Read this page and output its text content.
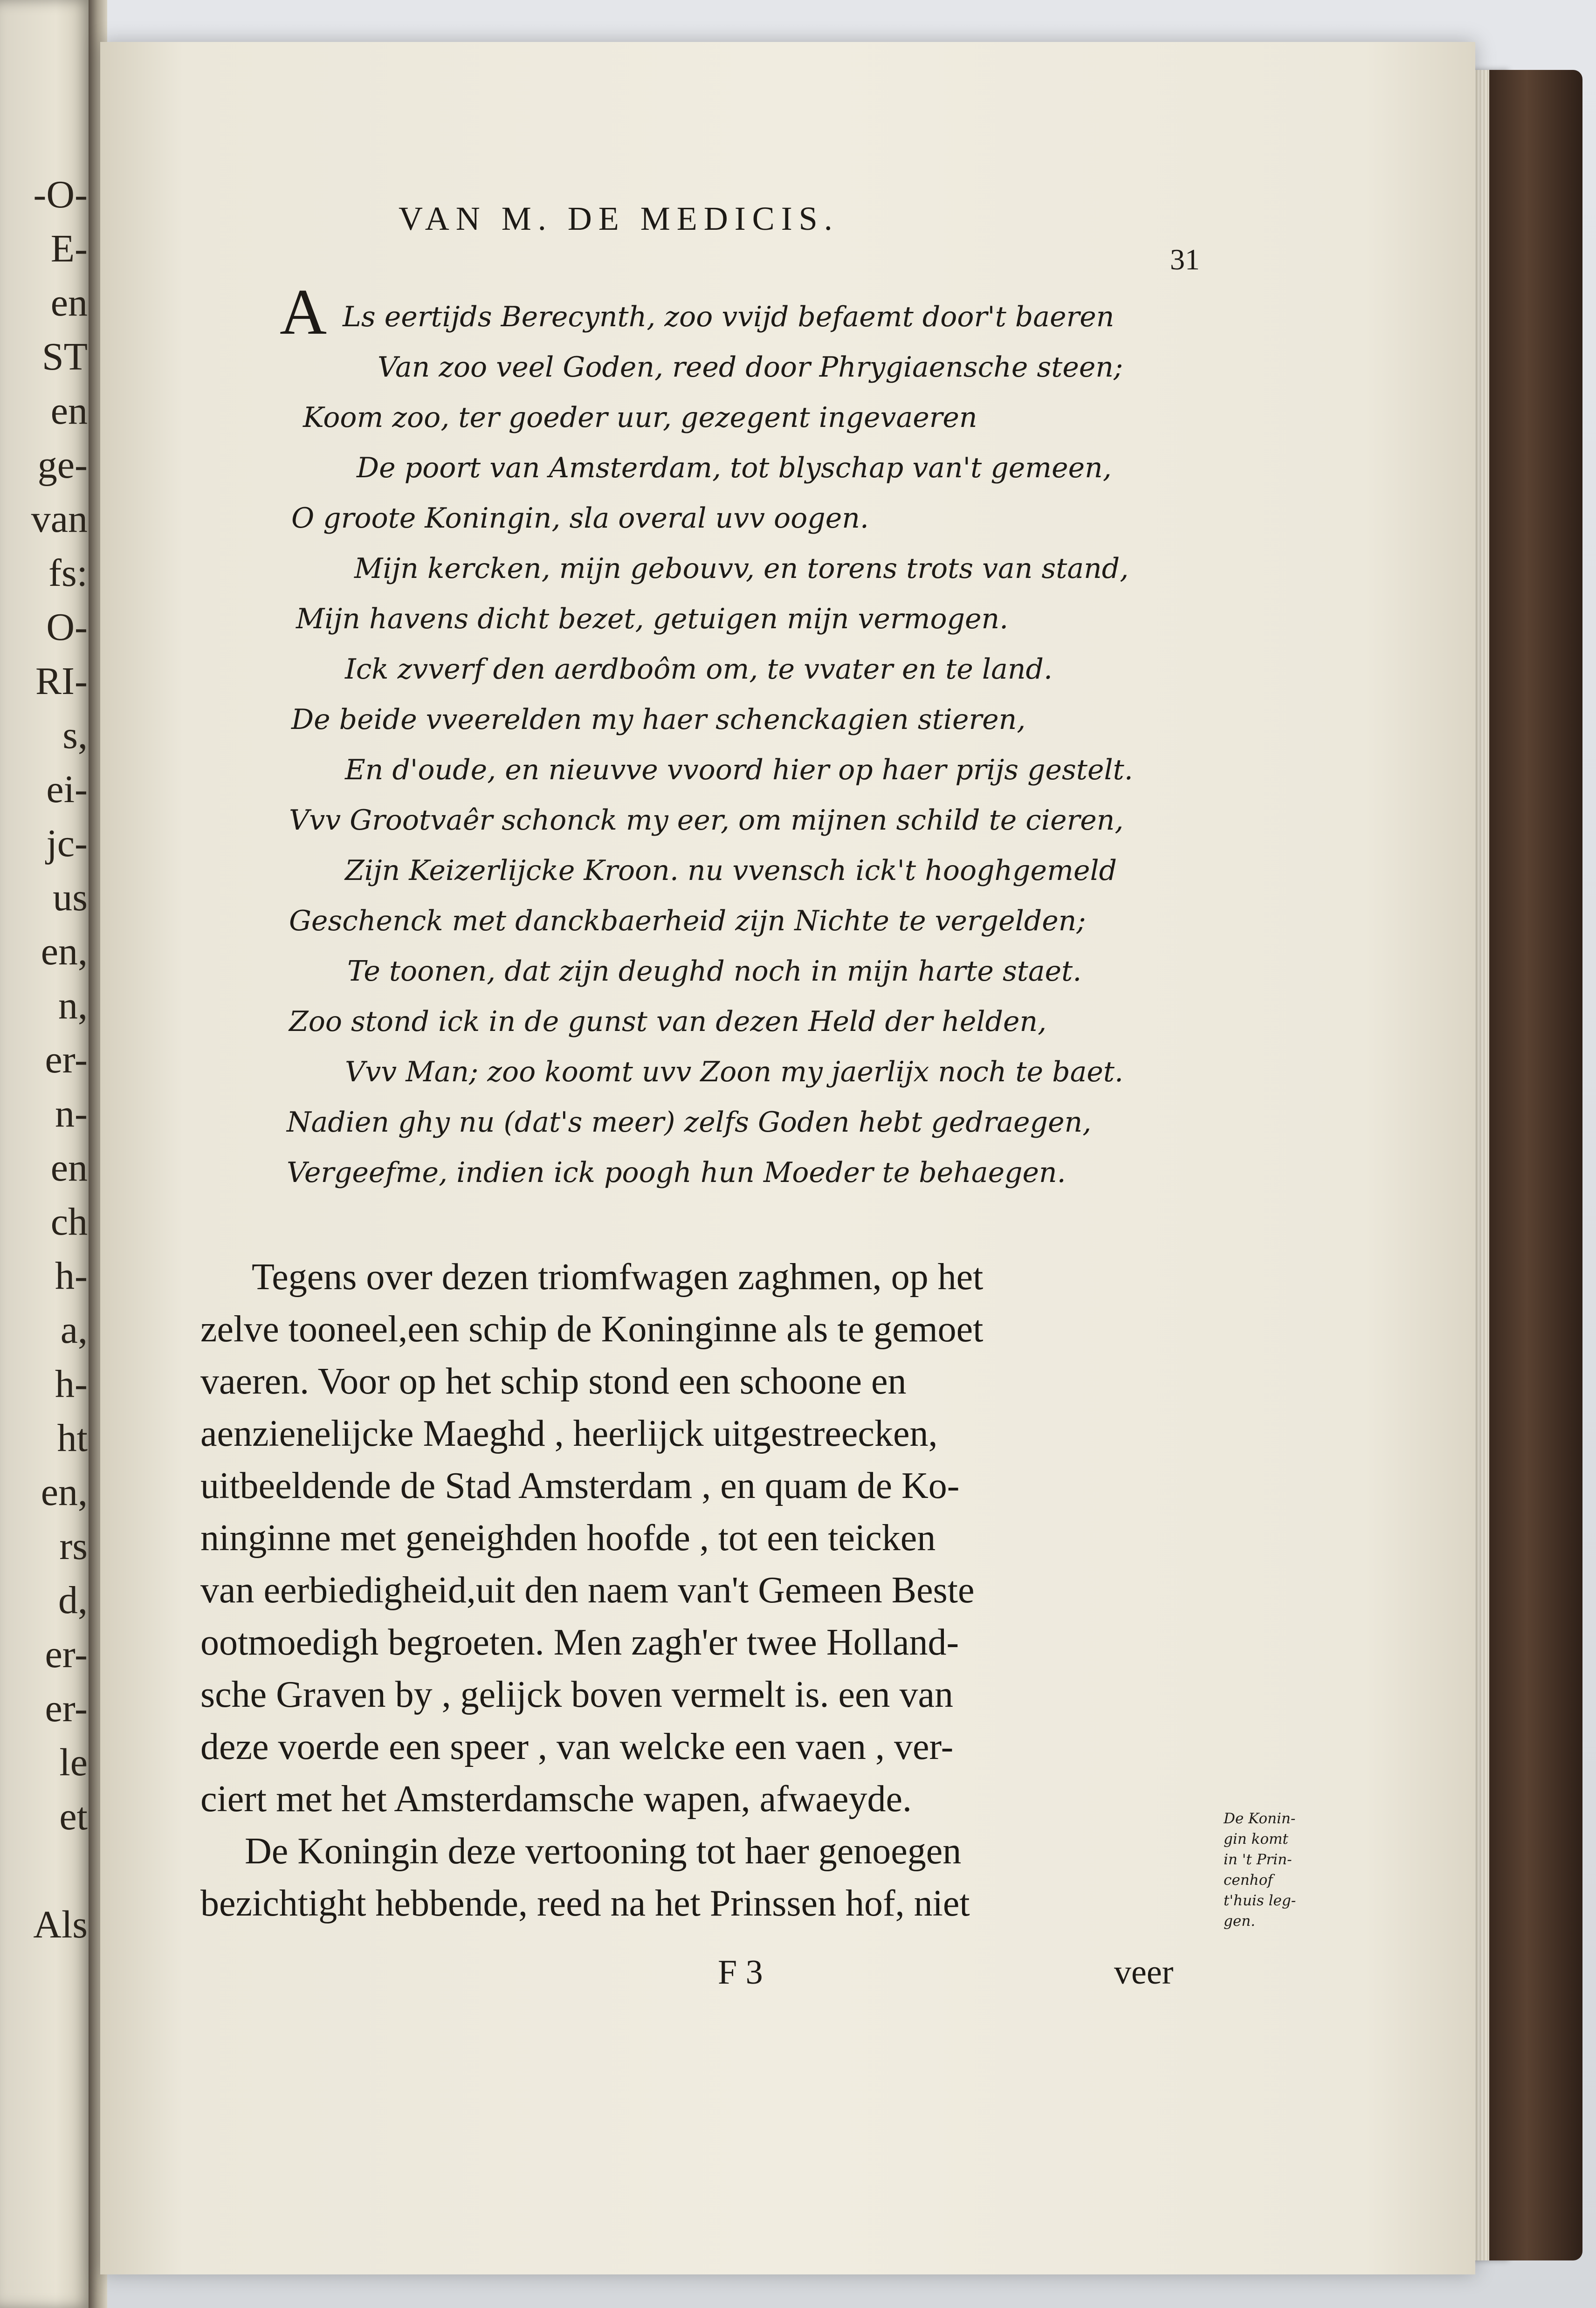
-O-
E-
en
ST
en
ge-
van
fs:
O-
RI-
s,
ei-
jc-
us
en,
n,
er-
n-
en
ch
h-
a,
h-
ht
en,
rs
d,
er-
er-
le
et
Als
VAN M. DE MEDICIS.
31
A Ls eertijds Berecynth, zoo vvijd befaemt door't baeren
Van zoo veel Goden, reed door Phrygiaensche steen;
Koom zoo, ter goeder uur, gezegent ingevaeren
De poort van Amsterdam, tot blyschap van't gemeen,
O groote Koningin, sla overal uvv oogen.
Mijn kercken, mijn gebouvv, en torens trots van stand,
Mijn havens dicht bezet, getuigen mijn vermogen.
Ick zvverf den aerdboôm om, te vvater en te land.
De beide vveerelden my haer schenckagien stieren,
En d'oude, en nieuvve vvoord hier op haer prijs gestelt.
Vvv Grootvaêr schonck my eer, om mijnen schild te cieren,
Zijn Keizerlijcke Kroon. nu vvensch ick't hooghgemeld
Geschenck met danckbaerheid zijn Nichte te vergelden;
Te toonen, dat zijn deughd noch in mijn harte staet.
Zoo stond ick in de gunst van dezen Held der helden,
Vvv Man; zoo koomt uvv Zoon my jaerlijx noch te baet.
Nadien ghy nu (dat's meer) zelfs Goden hebt gedraegen,
Vergeefme, indien ick poogh hun Moeder te behaegen.
Tegens over dezen triomfwagen zaghmen, op het
zelve tooneel,een schip de Koninginne als te gemoet
vaeren. Voor op het schip stond een schoone en
aenzienelijcke Maeghd , heerlijck uitgestreecken,
uitbeeldende de Stad Amsterdam , en quam de Ko-
ninginne met geneighden hoofde , tot een teicken
van eerbiedigheid,uit den naem van't Gemeen Beste
ootmoedigh begroeten. Men zagh'er twee Holland-
sche Graven by , gelijck boven vermelt is. een van
deze voerde een speer , van welcke een vaen , ver-
ciert met het Amsterdamsche wapen, afwaeyde.
De Koningin deze vertooning tot haer genoegen
bezichtight hebbende, reed na het Prinssen hof, niet
De Konin-
gin komt
in 't Prin-
cenhof
t'huis leg-
gen.
F 3	veer
